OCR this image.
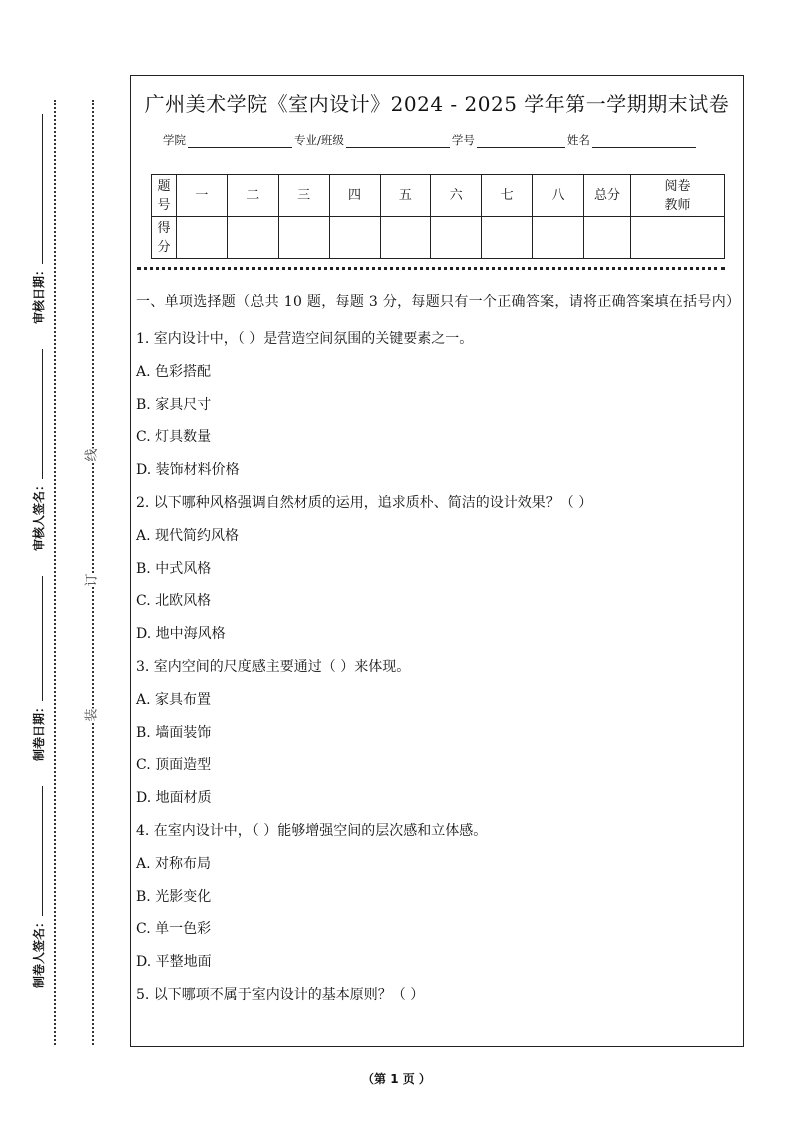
线
订
装
制卷人签名：
制卷日期：
审核人签名：
审核日期：
广州美术学院《室内设计》2024 - 2025 学年第一学期期末试卷
学院	专业/班级	学号	姓名
题号	一	二	三	四	五	六	七	八	总分	阅卷教师
得分										
一、单项选择题（总共 10 题，每题 3 分，每题只有一个正确答案，请将正确答案填在括号内）
1. 室内设计中，（ ）是营造空间氛围的关键要素之一。
A. 色彩搭配
B. 家具尺寸
C. 灯具数量
D. 装饰材料价格
2. 以下哪种风格强调自然材质的运用，追求质朴、简洁的设计效果？（ ）
A. 现代简约风格
B. 中式风格
C. 北欧风格
D. 地中海风格
3. 室内空间的尺度感主要通过（ ）来体现。
A. 家具布置
B. 墙面装饰
C. 顶面造型
D. 地面材质
4. 在室内设计中，（ ）能够增强空间的层次感和立体感。
A. 对称布局
B. 光影变化
C. 单一色彩
D. 平整地面
5. 以下哪项不属于室内设计的基本原则？（ ）
（第 1 页 ）
